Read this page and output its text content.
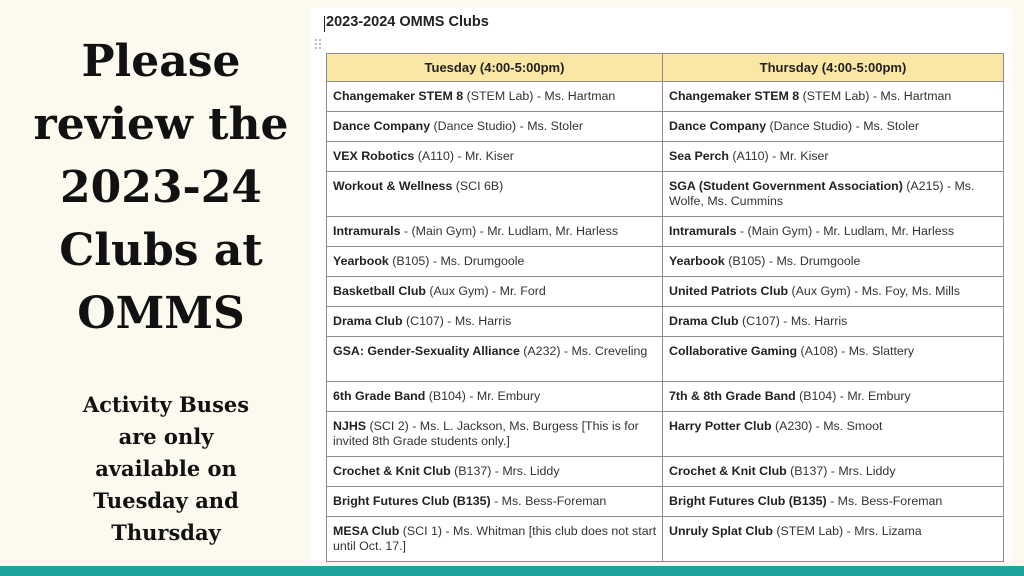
Please
review the
2023-24
Clubs at
OMMS
Activity Buses
are only
available on
Tuesday and
Thursday
2023-2024 OMMS Clubs
Tuesday (4:00-5:00pm)	Thursday (4:00-5:00pm)
Changemaker STEM 8 (STEM Lab) - Ms. Hartman	Changemaker STEM 8 (STEM Lab) - Ms. Hartman
Dance Company (Dance Studio) - Ms. Stoler	Dance Company (Dance Studio) - Ms. Stoler
VEX Robotics (A110) - Mr. Kiser	Sea Perch (A110) - Mr. Kiser
Workout & Wellness (SCI 6B)	SGA (Student Government Association) (A215) - Ms. Wolfe, Ms. Cummins
Intramurals - (Main Gym) - Mr. Ludlam, Mr. Harless	Intramurals - (Main Gym) - Mr. Ludlam, Mr. Harless
Yearbook (B105) - Ms. Drumgoole	Yearbook (B105) - Ms. Drumgoole
Basketball Club (Aux Gym) - Mr. Ford	United Patriots Club (Aux Gym) - Ms. Foy, Ms. Mills
Drama Club (C107) - Ms. Harris	Drama Club (C107) - Ms. Harris
GSA: Gender-Sexuality Alliance (A232) - Ms. Creveling	Collaborative Gaming (A108) - Ms. Slattery
6th Grade Band (B104) - Mr. Embury	7th & 8th Grade Band (B104) - Mr. Embury
NJHS (SCI 2) - Ms. L. Jackson, Ms. Burgess [This is for invited 8th Grade students only.]	Harry Potter Club (A230) - Ms. Smoot
Crochet & Knit Club (B137) - Mrs. Liddy	Crochet & Knit Club (B137) - Mrs. Liddy
Bright Futures Club (B135) - Ms. Bess-Foreman	Bright Futures Club (B135) - Ms. Bess-Foreman
MESA Club (SCI 1) - Ms. Whitman [this club does not start until Oct. 17.]	Unruly Splat Club (STEM Lab) - Mrs. Lizama
